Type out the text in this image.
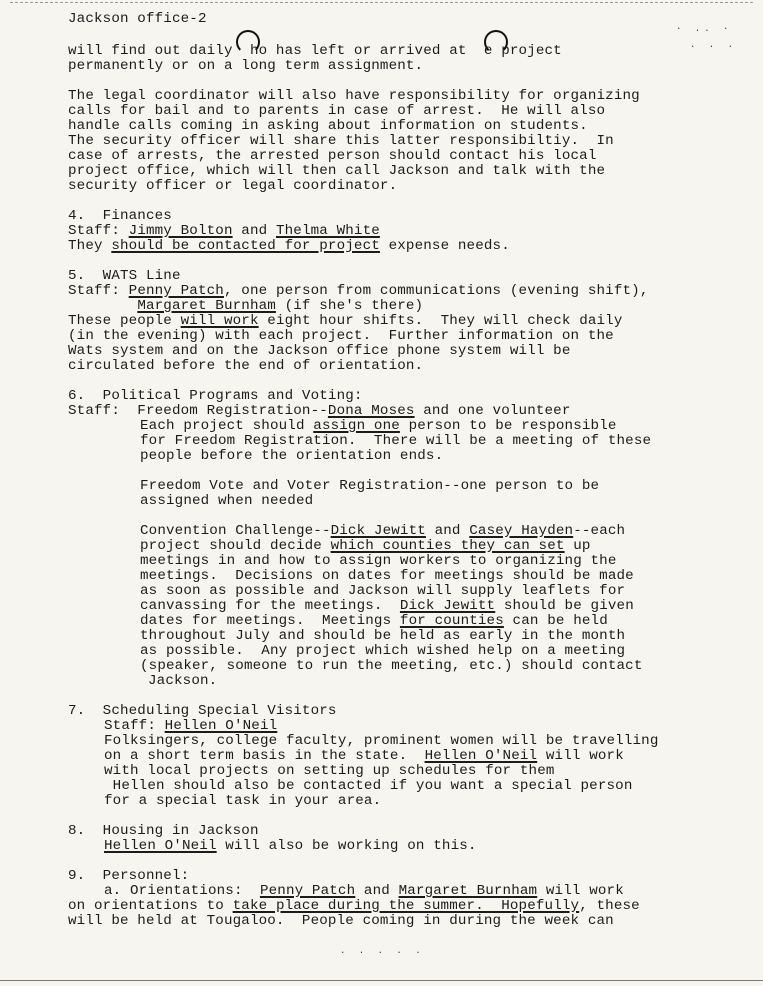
Jackson office-2
· .. ·
· · ·
· · · · ·
will find out daily  ho has left or arrived at  e project
permanently or on a long term assignment.
The legal coordinator will also have responsibility for organizing
calls for bail and to parents in case of arrest.  He will also
handle calls coming in asking about information on students.
The security officer will share this latter responsibiltiy.  In
case of arrests, the arrested person should contact his local
project office, which will then call Jackson and talk with the
security officer or legal coordinator.
4.  Finances
Staff: Jimmy Bolton and Thelma White
They should be contacted for project expense needs.
5.  WATS Line
Staff: Penny Patch, one person from communications (evening shift),
Margaret Burnham (if she's there)
These people will work eight hour shifts.  They will check daily
(in the evening) with each project.  Further information on the
Wats system and on the Jackson office phone system will be
circulated before the end of orientation.
6.  Political Programs and Voting:
Staff:  Freedom Registration--Dona Moses and one volunteer
Each project should assign one person to be responsible
for Freedom Registration.  There will be a meeting of these
people before the orientation ends.
Freedom Vote and Voter Registration--one person to be
assigned when needed
Convention Challenge--Dick Jewitt and Casey Hayden--each
project should decide which counties they can set up
meetings in and how to assign workers to organizing the
meetings.  Decisions on dates for meetings should be made
as soon as possible and Jackson will supply leaflets for
canvassing for the meetings.  Dick Jewitt should be given
dates for meetings.  Meetings for counties can be held
throughout July and should be held as early in the month
as possible.  Any project which wished help on a meeting
(speaker, someone to run the meeting, etc.) should contact
Jackson.
7.  Scheduling Special Visitors
Staff: Hellen O'Neil
Folksingers, college faculty, prominent women will be travelling
on a short term basis in the state.  Hellen O'Neil will work
with local projects on setting up schedules for them
Hellen should also be contacted if you want a special person
for a special task in your area.
8.  Housing in Jackson
Hellen O'Neil will also be working on this.
9.  Personnel:
a. Orientations:  Penny Patch and Margaret Burnham will work
on orientations to take place during the summer.  Hopefully, these
will be held at Tougaloo.  People coming in during the week can
